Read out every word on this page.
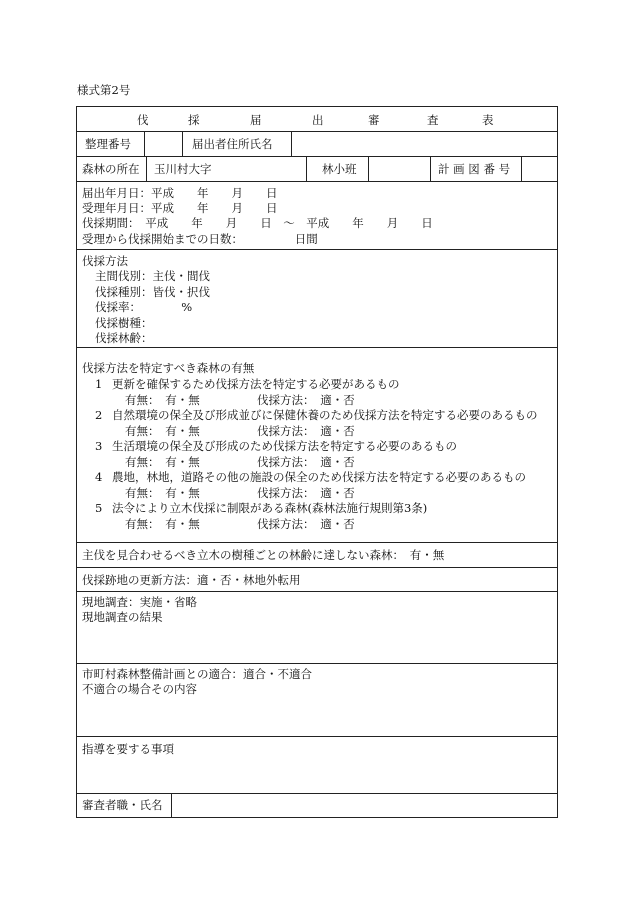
様式第2号
伐	採	届	出	審	査	表
整理番号	届出者住所氏名
森林の所在 玉川村大字	林小班	計 画 図 番 号
届出年月日：平成　　年　　月　　日
受理年月日：平成　　年　　月　　日
伐採期間：　平成　　年　　月　　日　〜　平成　　年　　月　　日
受理から伐採開始までの日数：　　　　　日間
伐採方法
主間伐別：主伐・間伐
伐採種別：皆伐・択伐
伐採率：　　　　%
伐採樹種：
伐採林齢：
伐採方法を特定すべき森林の有無
1 更新を確保するため伐採方法を特定する必要があるもの
有無：　有・無	伐採方法：　適・否
2 自然環境の保全及び形成並びに保健休養のため伐採方法を特定する必要のあるもの
有無：　有・無	伐採方法：　適・否
3 生活環境の保全及び形成のため伐採方法を特定する必要のあるもの
有無：　有・無	伐採方法：　適・否
4 農地，林地，道路その他の施設の保全のため伐採方法を特定する必要のあるもの
有無：　有・無	伐採方法：　適・否
5 法令により立木伐採に制限がある森林(森林法施行規則第3条)
有無：　有・無	伐採方法：　適・否
主伐を見合わせるべき立木の樹種ごとの林齢に達しない森林：　有・無
伐採跡地の更新方法：適・否・林地外転用
現地調査：実施・省略
現地調査の結果
市町村森林整備計画との適合：適合・不適合
不適合の場合その内容
指導を要する事項
審査者職・氏名
